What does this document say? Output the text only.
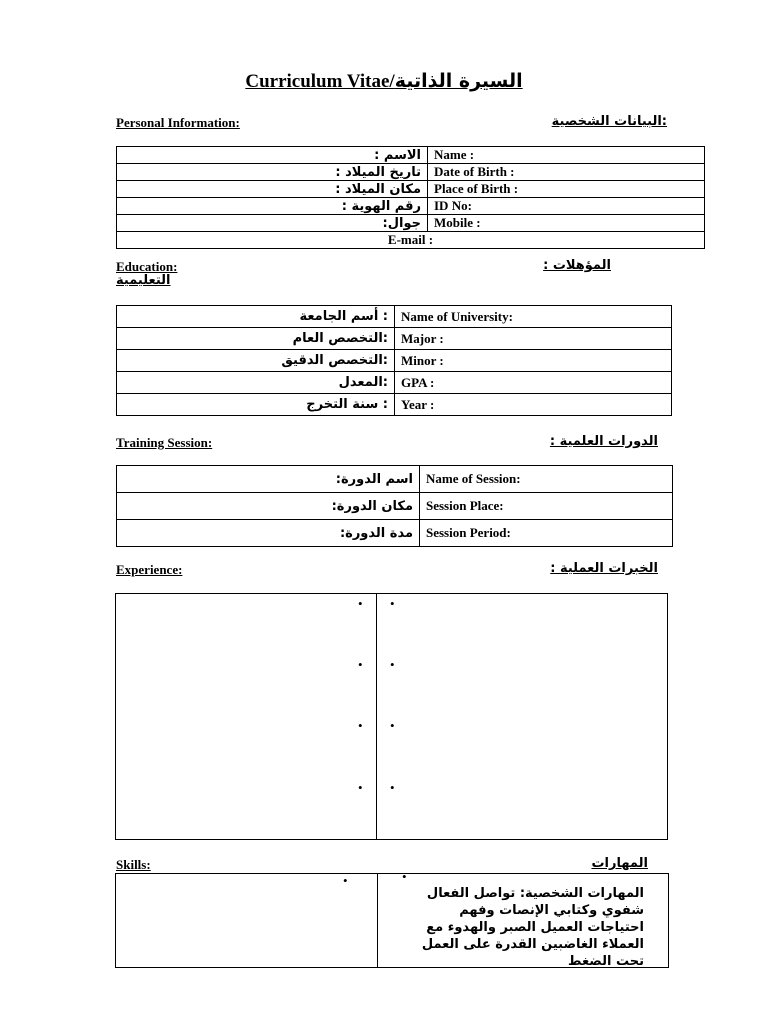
Curriculum Vitae/السيرة الذاتية
Personal Information:	:البيانات الشخصية
الاسم :	Name :
تاريخ الميلاد :	Date of Birth :
مكان الميلاد :	Place of Birth :
رقم الهوية :	ID No:
جوال:	Mobile :
E-mail :	
Education:	المؤهلات :
التعليمية
: أسم الجامعة	Name of University:
:التخصص العام	Major :
:التخصص الدقيق	Minor :
:المعدل	GPA :
: سنة التخرج	Year :
Training Session:	الدورات العلمية :
اسم الدورة:	Name of Session:
مكان الدورة:	Session Place:
مدة الدورة:	Session Period:
Experience:	الخبرات العملية :
• •
• •
• •
• •
Skills:	المهارات
•	•
المهارات الشخصية: تواصل الفعال
شفوي وكتابي الإنصات وفهم
احتياجات العميل الصبر والهدوء مع
العملاء الغاضبين القدرة على العمل
تحت الضغط
